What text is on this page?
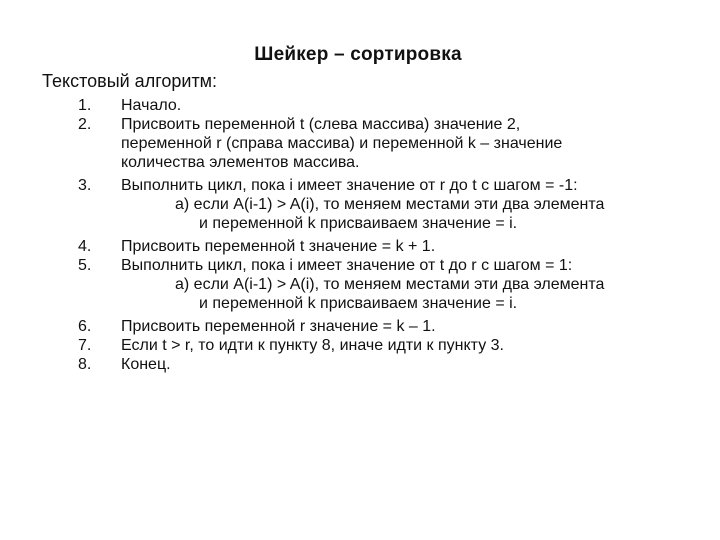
Шейкер – сортировка
Текстовый алгоритм:
1.	Начало.
2.	Присвоить переменной t (слева массива) значение 2,
переменной r (справа массива) и переменной k – значение
количества элементов массива.
3.	Выполнить цикл, пока i имеет значение от r до t с шагом = -1:
а) если A(i-1) > A(i), то меняем местами эти два элемента
и переменной k присваиваем значение = i.
4.	Присвоить переменной t значение = k + 1.
5.	Выполнить цикл, пока i имеет значение от t до r с шагом = 1:
а) если A(i-1) > A(i), то меняем местами эти два элемента
и переменной k присваиваем значение = i.
6.	Присвоить переменной r значение = k – 1.
7.	Если t > r, то идти к пункту 8, иначе идти к пункту 3.
8.	Конец.
